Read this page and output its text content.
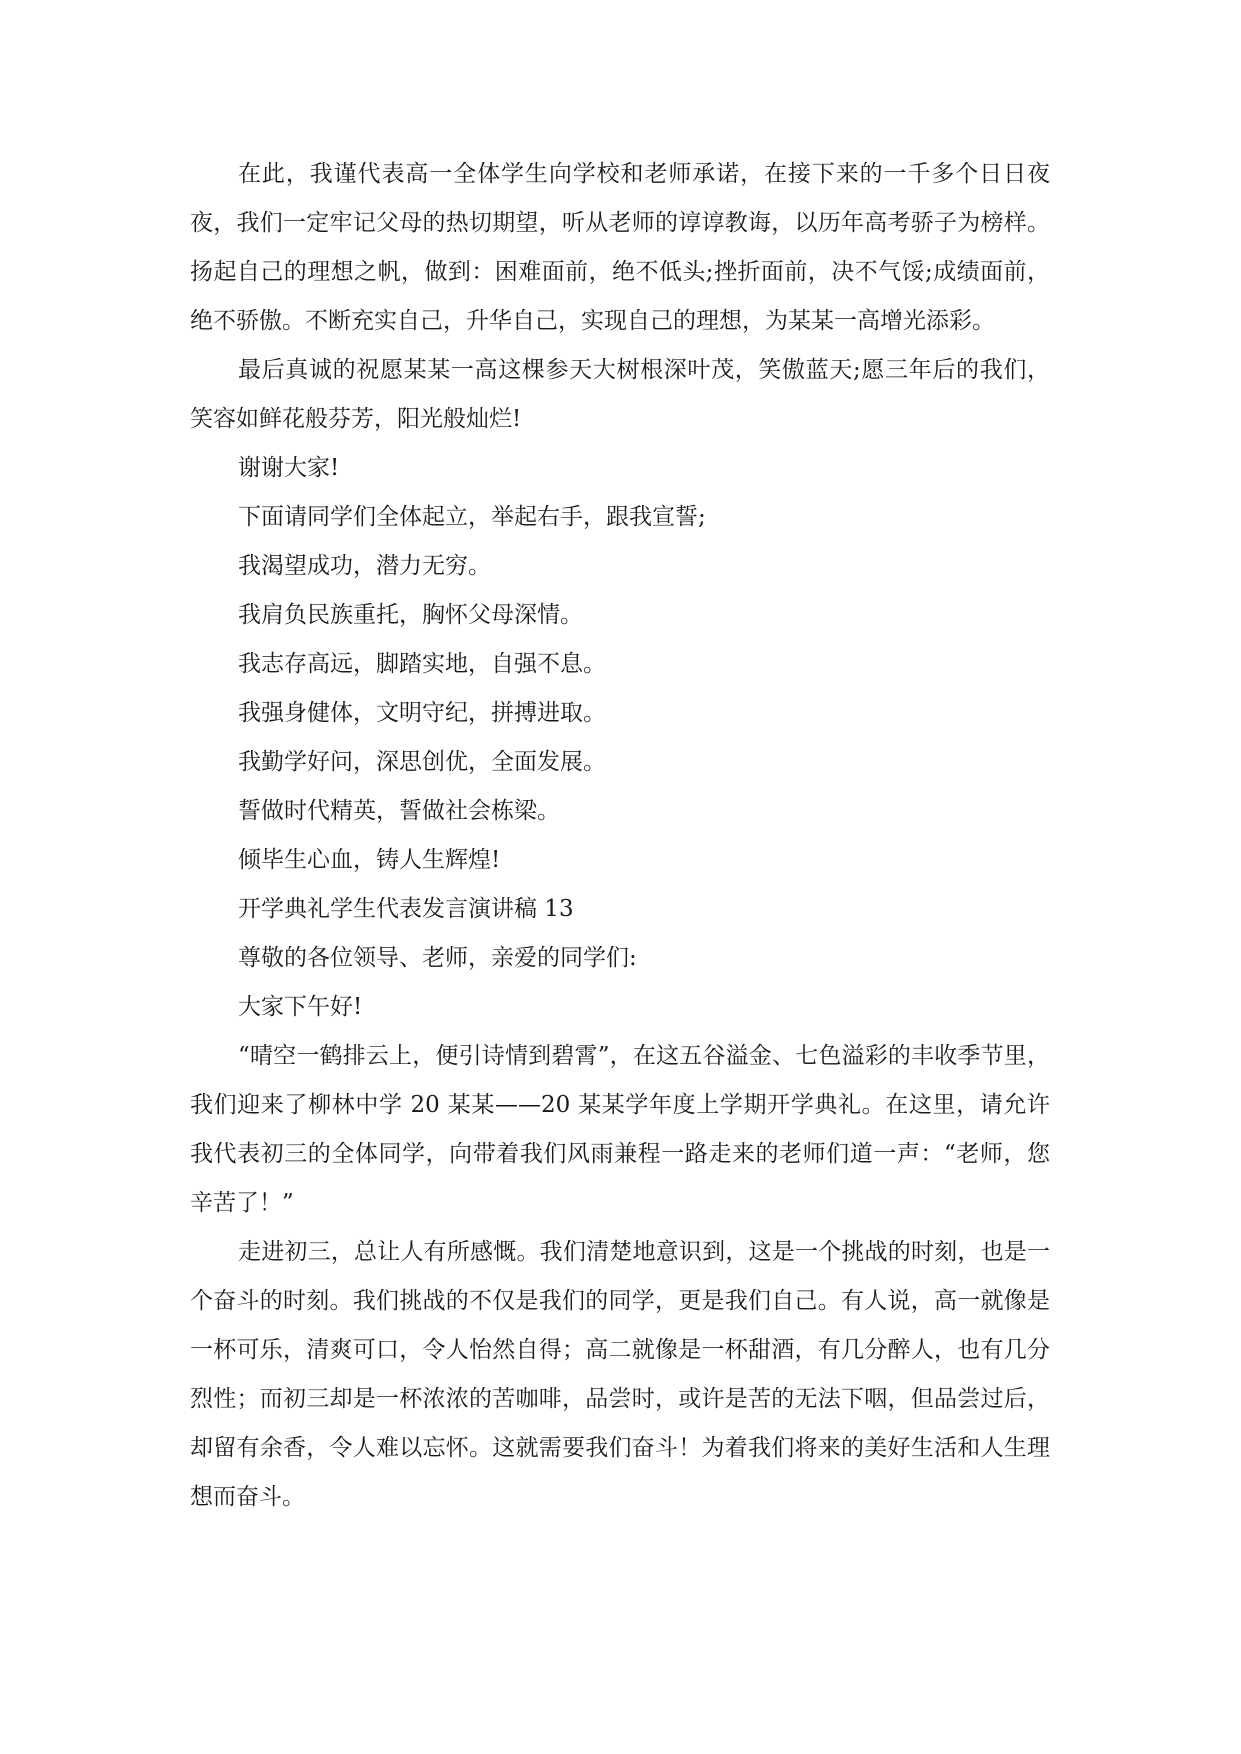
在此，我谨代表高一全体学生向学校和老师承诺，在接下来的一千多个日日夜夜，我们一定牢记父母的热切期望，听从老师的谆谆教诲，以历年高考骄子为榜样。扬起自己的理想之帆，做到：困难面前，绝不低头;挫折面前，决不气馁;成绩面前，绝不骄傲。不断充实自己，升华自己，实现自己的理想，为某某一高增光添彩。

最后真诚的祝愿某某一高这棵参天大树根深叶茂，笑傲蓝天;愿三年后的我们，笑容如鲜花般芬芳，阳光般灿烂!

谢谢大家!

下面请同学们全体起立，举起右手，跟我宣誓;

我渴望成功，潜力无穷。

我肩负民族重托，胸怀父母深情。

我志存高远，脚踏实地，自强不息。

我强身健体，文明守纪，拼搏进取。

我勤学好问，深思创优，全面发展。

誓做时代精英，誓做社会栋梁。

倾毕生心血，铸人生辉煌!

开学典礼学生代表发言演讲稿 13

尊敬的各位领导、老师，亲爱的同学们:

大家下午好!

“晴空一鹤排云上，便引诗情到碧霄”，在这五谷溢金、七色溢彩的丰收季节里，我们迎来了柳林中学 20 某某——20 某某学年度上学期开学典礼。在这里，请允许我代表初三的全体同学，向带着我们风雨兼程一路走来的老师们道一声：“老师，您辛苦了！”

走进初三，总让人有所感慨。我们清楚地意识到，这是一个挑战的时刻，也是一个奋斗的时刻。我们挑战的不仅是我们的同学，更是我们自己。有人说，高一就像是一杯可乐，清爽可口，令人怡然自得；高二就像是一杯甜酒，有几分醉人，也有几分烈性；而初三却是一杯浓浓的苦咖啡，品尝时，或许是苦的无法下咽，但品尝过后，却留有余香，令人难以忘怀。这就需要我们奋斗！为着我们将来的美好生活和人生理想而奋斗。
